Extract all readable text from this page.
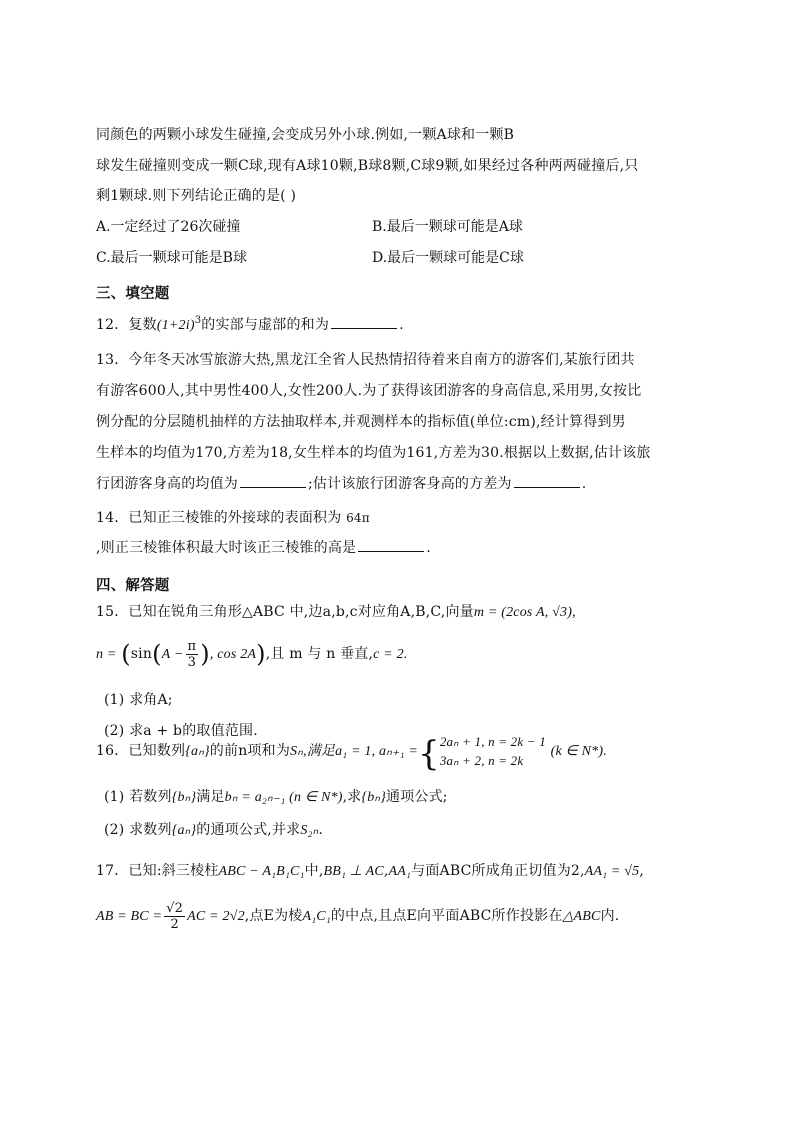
同颜色的两颗小球发生碰撞,会变成另外小球.例如,一颗A球和一颗B
球发生碰撞则变成一颗C球,现有A球10颗,B球8颗,C球9颗,如果经过各种两两碰撞后,只
剩1颗球.则下列结论正确的是( )
A.一定经过了26次碰撞	B.最后一颗球可能是A球
C.最后一颗球可能是B球	D.最后一颗球可能是C球
三、填空题
12．复数$(1+2i)^3$的实部与虚部的和为	.
13．今年冬天冰雪旅游大热,黑龙江全省人民热情招待着来自南方的游客们,某旅行团共
有游客600人,其中男性400人,女性200人.为了获得该团游客的身高信息,采用男,女按比
例分配的分层随机抽样的方法抽取样本,并观测样本的指标值(单位:cm),经计算得到男
生样本的均值为170,方差为18,女生样本的均值为161,方差为30.根据以上数据,估计该旅
行团游客身高的均值为	;估计该旅行团游客身高的方差为	.
14．已知正三棱锥的外接球的表面积为 64π
,则正三棱锥体积最大时该正三棱锥的高是	.
四、解答题
15．已知在锐角三角形△ABC 中,边a,b,c对应角A,B,C,向量m = (2cos A, √3),
$n = (\sin(A - \frac{\pi}{3}$ ), cos 2A),且 m 与 n 垂直,c = 2.
(1) 求角A;
(2) 求a + b的取值范围.
16．已知数列{aₙ}的前n项和为Sₙ,满足a₁ = 1, aₙ₊₁ ={ 2aₙ + 1, n = 2k − 1
3aₙ + 2, n = 2k
(k ∈ N*).
(1) 若数列{bₙ}满足bₙ = a₂ₙ₋₁ (n ∈ N*),求{bₙ}通项公式;
(2) 求数列{aₙ}的通项公式,并求S₂ₙ.
17．已知:斜三棱柱ABC − A₁B₁C₁中,BB₁ ⊥ AC,AA₁与面ABC所成角正切值为2,AA₁ = √5,
AB = BC = $\frac{√2}{2}$ AC = 2√2,点E为棱A₁C₁的中点,且点E向平面ABC所作投影在△ABC内.
